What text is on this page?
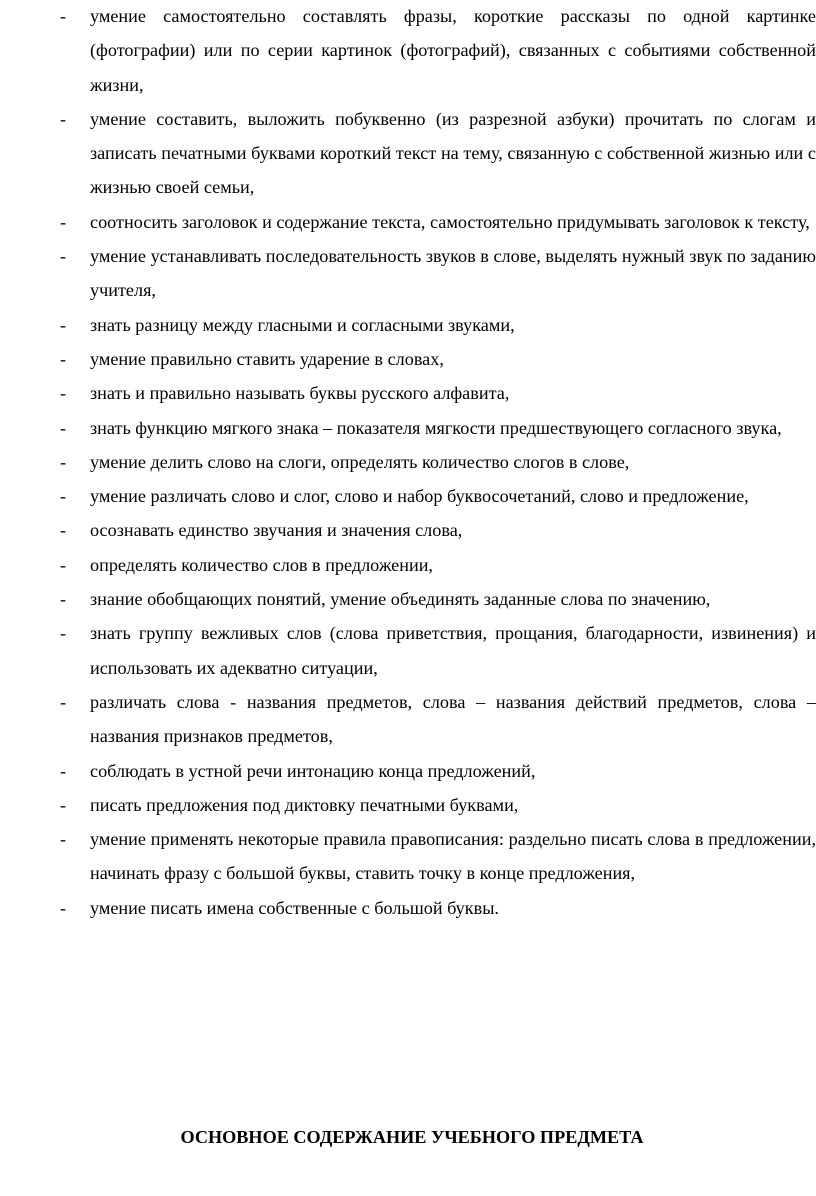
- умение самостоятельно составлять фразы, короткие рассказы по одной картинке (фотографии) или по серии картинок (фотографий), связанных с событиями собственной жизни,
- умение составить, выложить побуквенно (из разрезной азбуки) прочитать по слогам и записать печатными буквами короткий текст на тему, связанную с собственной жизнью или с жизнью своей семьи,
- соотносить заголовок и содержание текста, самостоятельно придумывать заголовок к тексту,
- умение устанавливать последовательность звуков в слове, выделять нужный звук по заданию учителя,
- знать разницу между гласными и согласными звуками,
- умение правильно ставить ударение в словах,
- знать и правильно называть буквы русского алфавита,
- знать функцию мягкого знака – показателя мягкости предшествующего согласного звука,
- умение делить слово на слоги, определять количество слогов в слове,
- умение различать слово и слог, слово и набор буквосочетаний, слово и предложение,
- осознавать единство звучания и значения слова,
- определять количество слов в предложении,
- знание обобщающих понятий, умение объединять заданные слова по значению,
- знать группу вежливых слов (слова приветствия, прощания, благодарности, извинения) и использовать их адекватно ситуации,
- различать слова - названия предметов, слова – названия действий предметов, слова – названия признаков предметов,
- соблюдать в устной речи интонацию конца предложений,
- писать предложения под диктовку печатными буквами,
- умение применять некоторые правила правописания: раздельно писать слова в предложении, начинать фразу с большой буквы, ставить точку в конце предложения,
- умение писать имена собственные с большой буквы.
ОСНОВНОЕ СОДЕРЖАНИЕ УЧЕБНОГО ПРЕДМЕТА
